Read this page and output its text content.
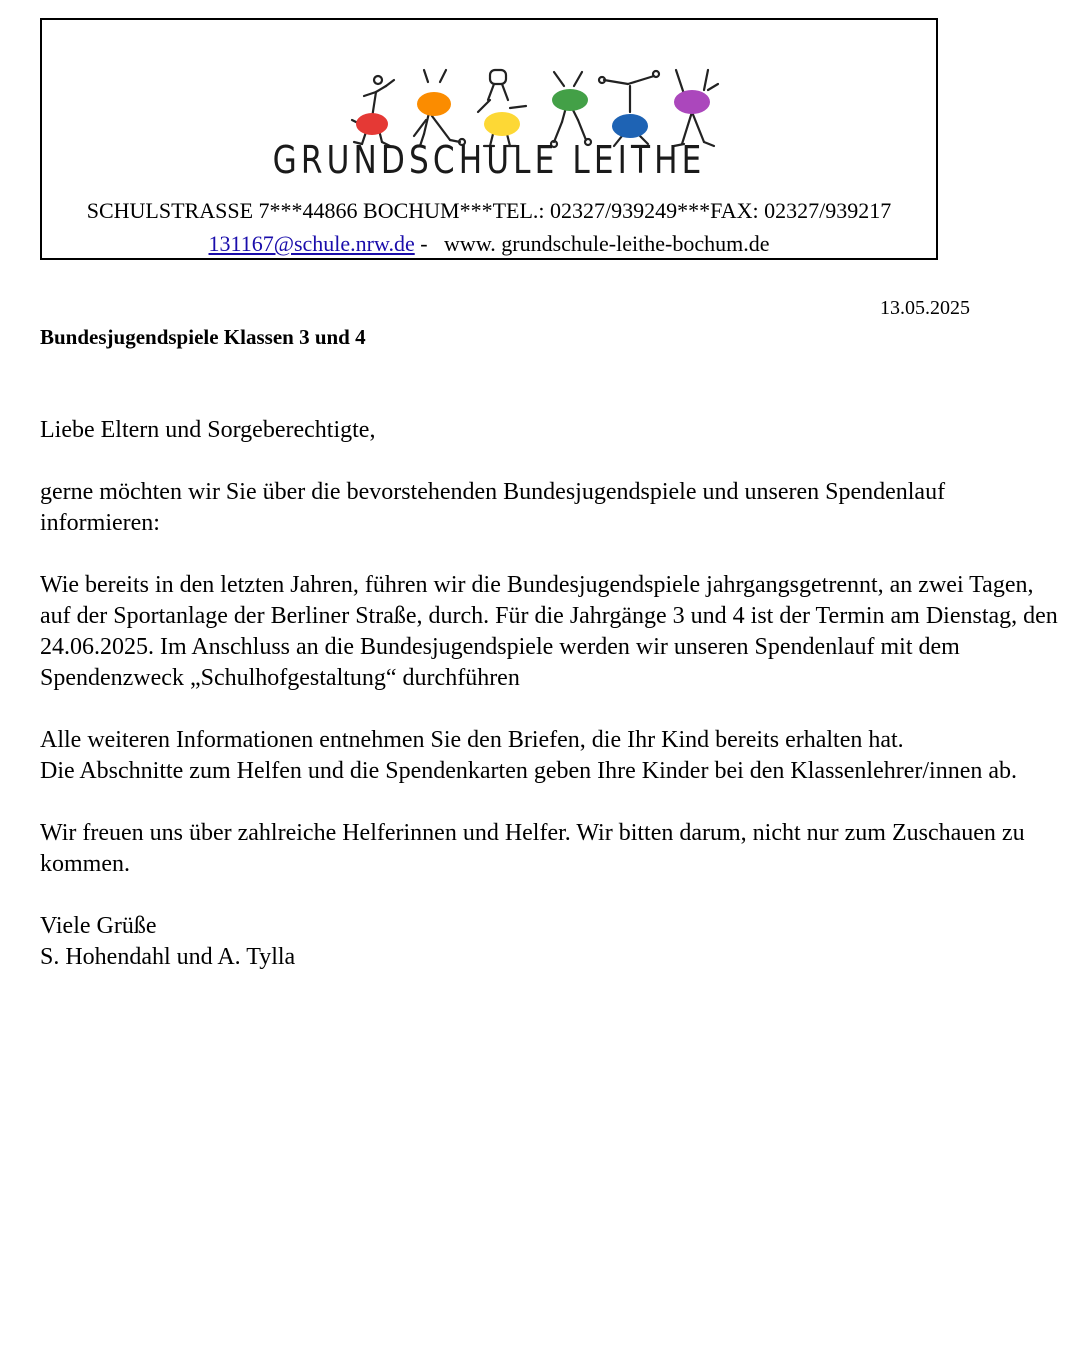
GRUNDSCHULE LEITHE
SCHULSTRASSE 7***44866 BOCHUM***TEL.: 02327/939249***FAX: 02327/939217
131167@schule.nrw.de -   www. grundschule-leithe-bochum.de
13.05.2025
Bundesjugendspiele Klassen 3 und 4

Liebe Eltern und Sorgeberechtigte,

gerne möchten wir Sie über die bevorstehenden Bundesjugendspiele und unseren Spendenlauf informieren:

Wie bereits in den letzten Jahren, führen wir die Bundesjugendspiele jahrgangsgetrennt, an zwei Tagen, auf der Sportanlage der Berliner Straße, durch. Für die Jahrgänge 3 und 4 ist der Termin am Dienstag, den 24.06.2025. Im Anschluss an die Bundesjugendspiele werden wir unseren Spendenlauf mit dem Spendenzweck „Schulhofgestaltung“ durchführen

Alle weiteren Informationen entnehmen Sie den Briefen, die Ihr Kind bereits erhalten hat.
Die Abschnitte zum Helfen und die Spendenkarten geben Ihre Kinder bei den Klassenlehrer/innen ab.

Wir freuen uns über zahlreiche Helferinnen und Helfer. Wir bitten darum, nicht nur zum Zuschauen zu kommen.

Viele Grüße
S. Hohendahl und A. Tylla
